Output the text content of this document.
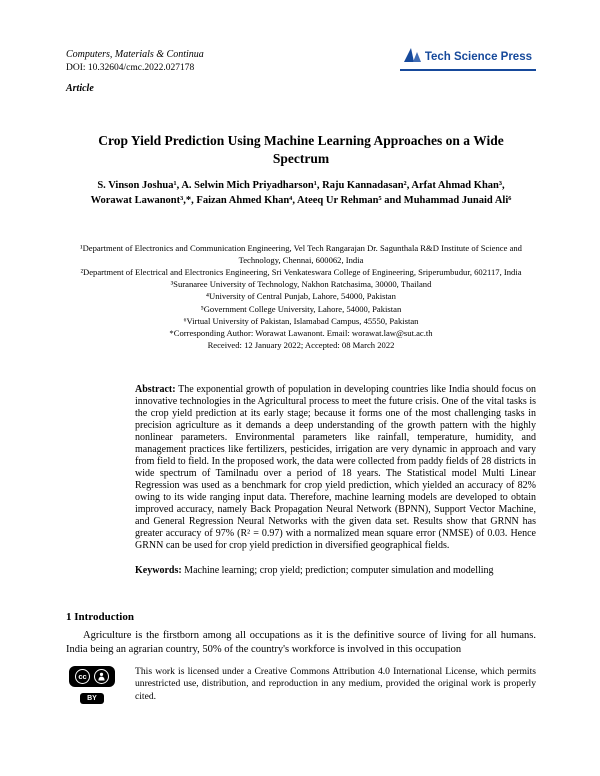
Computers, Materials & Continua
DOI: 10.32604/cmc.2022.027178
Article
Tech Science Press
Crop Yield Prediction Using Machine Learning Approaches on a Wide Spectrum
S. Vinson Joshua¹, A. Selwin Mich Priyadharson¹, Raju Kannadasan², Arfat Ahmad Khan³,
Worawat Lawanont³,*, Faizan Ahmed Khan⁴, Ateeq Ur Rehman⁵ and Muhammad Junaid Ali⁶
¹Department of Electronics and Communication Engineering, Vel Tech Rangarajan Dr. Sagunthala R&D Institute of Science and Technology, Chennai, 600062, India
²Department of Electrical and Electronics Engineering, Sri Venkateswara College of Engineering, Sriperumbudur, 602117, India
³Suranaree University of Technology, Nakhon Ratchasima, 30000, Thailand
⁴University of Central Punjab, Lahore, 54000, Pakistan
⁵Government College University, Lahore, 54000, Pakistan
⁶Virtual University of Pakistan, Islamabad Campus, 45550, Pakistan
*Corresponding Author: Worawat Lawanont. Email: worawat.law@sut.ac.th
Received: 12 January 2022; Accepted: 08 March 2022

Abstract: The exponential growth of population in developing countries like India should focus on innovative technologies in the Agricultural process to meet the future crisis. One of the vital tasks is the crop yield prediction at its early stage; because it forms one of the most challenging tasks in precision agriculture as it demands a deep understanding of the growth pattern with the highly nonlinear parameters. Environmental parameters like rainfall, temperature, humidity, and management practices like fertilizers, pesticides, irrigation are very dynamic in approach and vary from field to field. In the proposed work, the data were collected from paddy fields of 28 districts in wide spectrum of Tamilnadu over a period of 18 years. The Statistical model Multi Linear Regression was used as a benchmark for crop yield prediction, which yielded an accuracy of 82% owing to its wide ranging input data. Therefore, machine learning models are developed to obtain improved accuracy, namely Back Propagation Neural Network (BPNN), Support Vector Machine, and General Regression Neural Networks with the given data set. Results show that GRNN has greater accuracy of 97% (R² = 0.97) with a normalized mean square error (NMSE) of 0.03. Hence GRNN can be used for crop yield prediction in diversified geographical fields.

Keywords: Machine learning; crop yield; prediction; computer simulation and modelling

1 Introduction

Agriculture is the firstborn among all occupations as it is the definitive source of living for all humans. India being an agrarian country, 50% of the country's workforce is involved in this occupation

cc
BY
This work is licensed under a Creative Commons Attribution 4.0 International License, which permits unrestricted use, distribution, and reproduction in any medium, provided the original work is properly cited.
